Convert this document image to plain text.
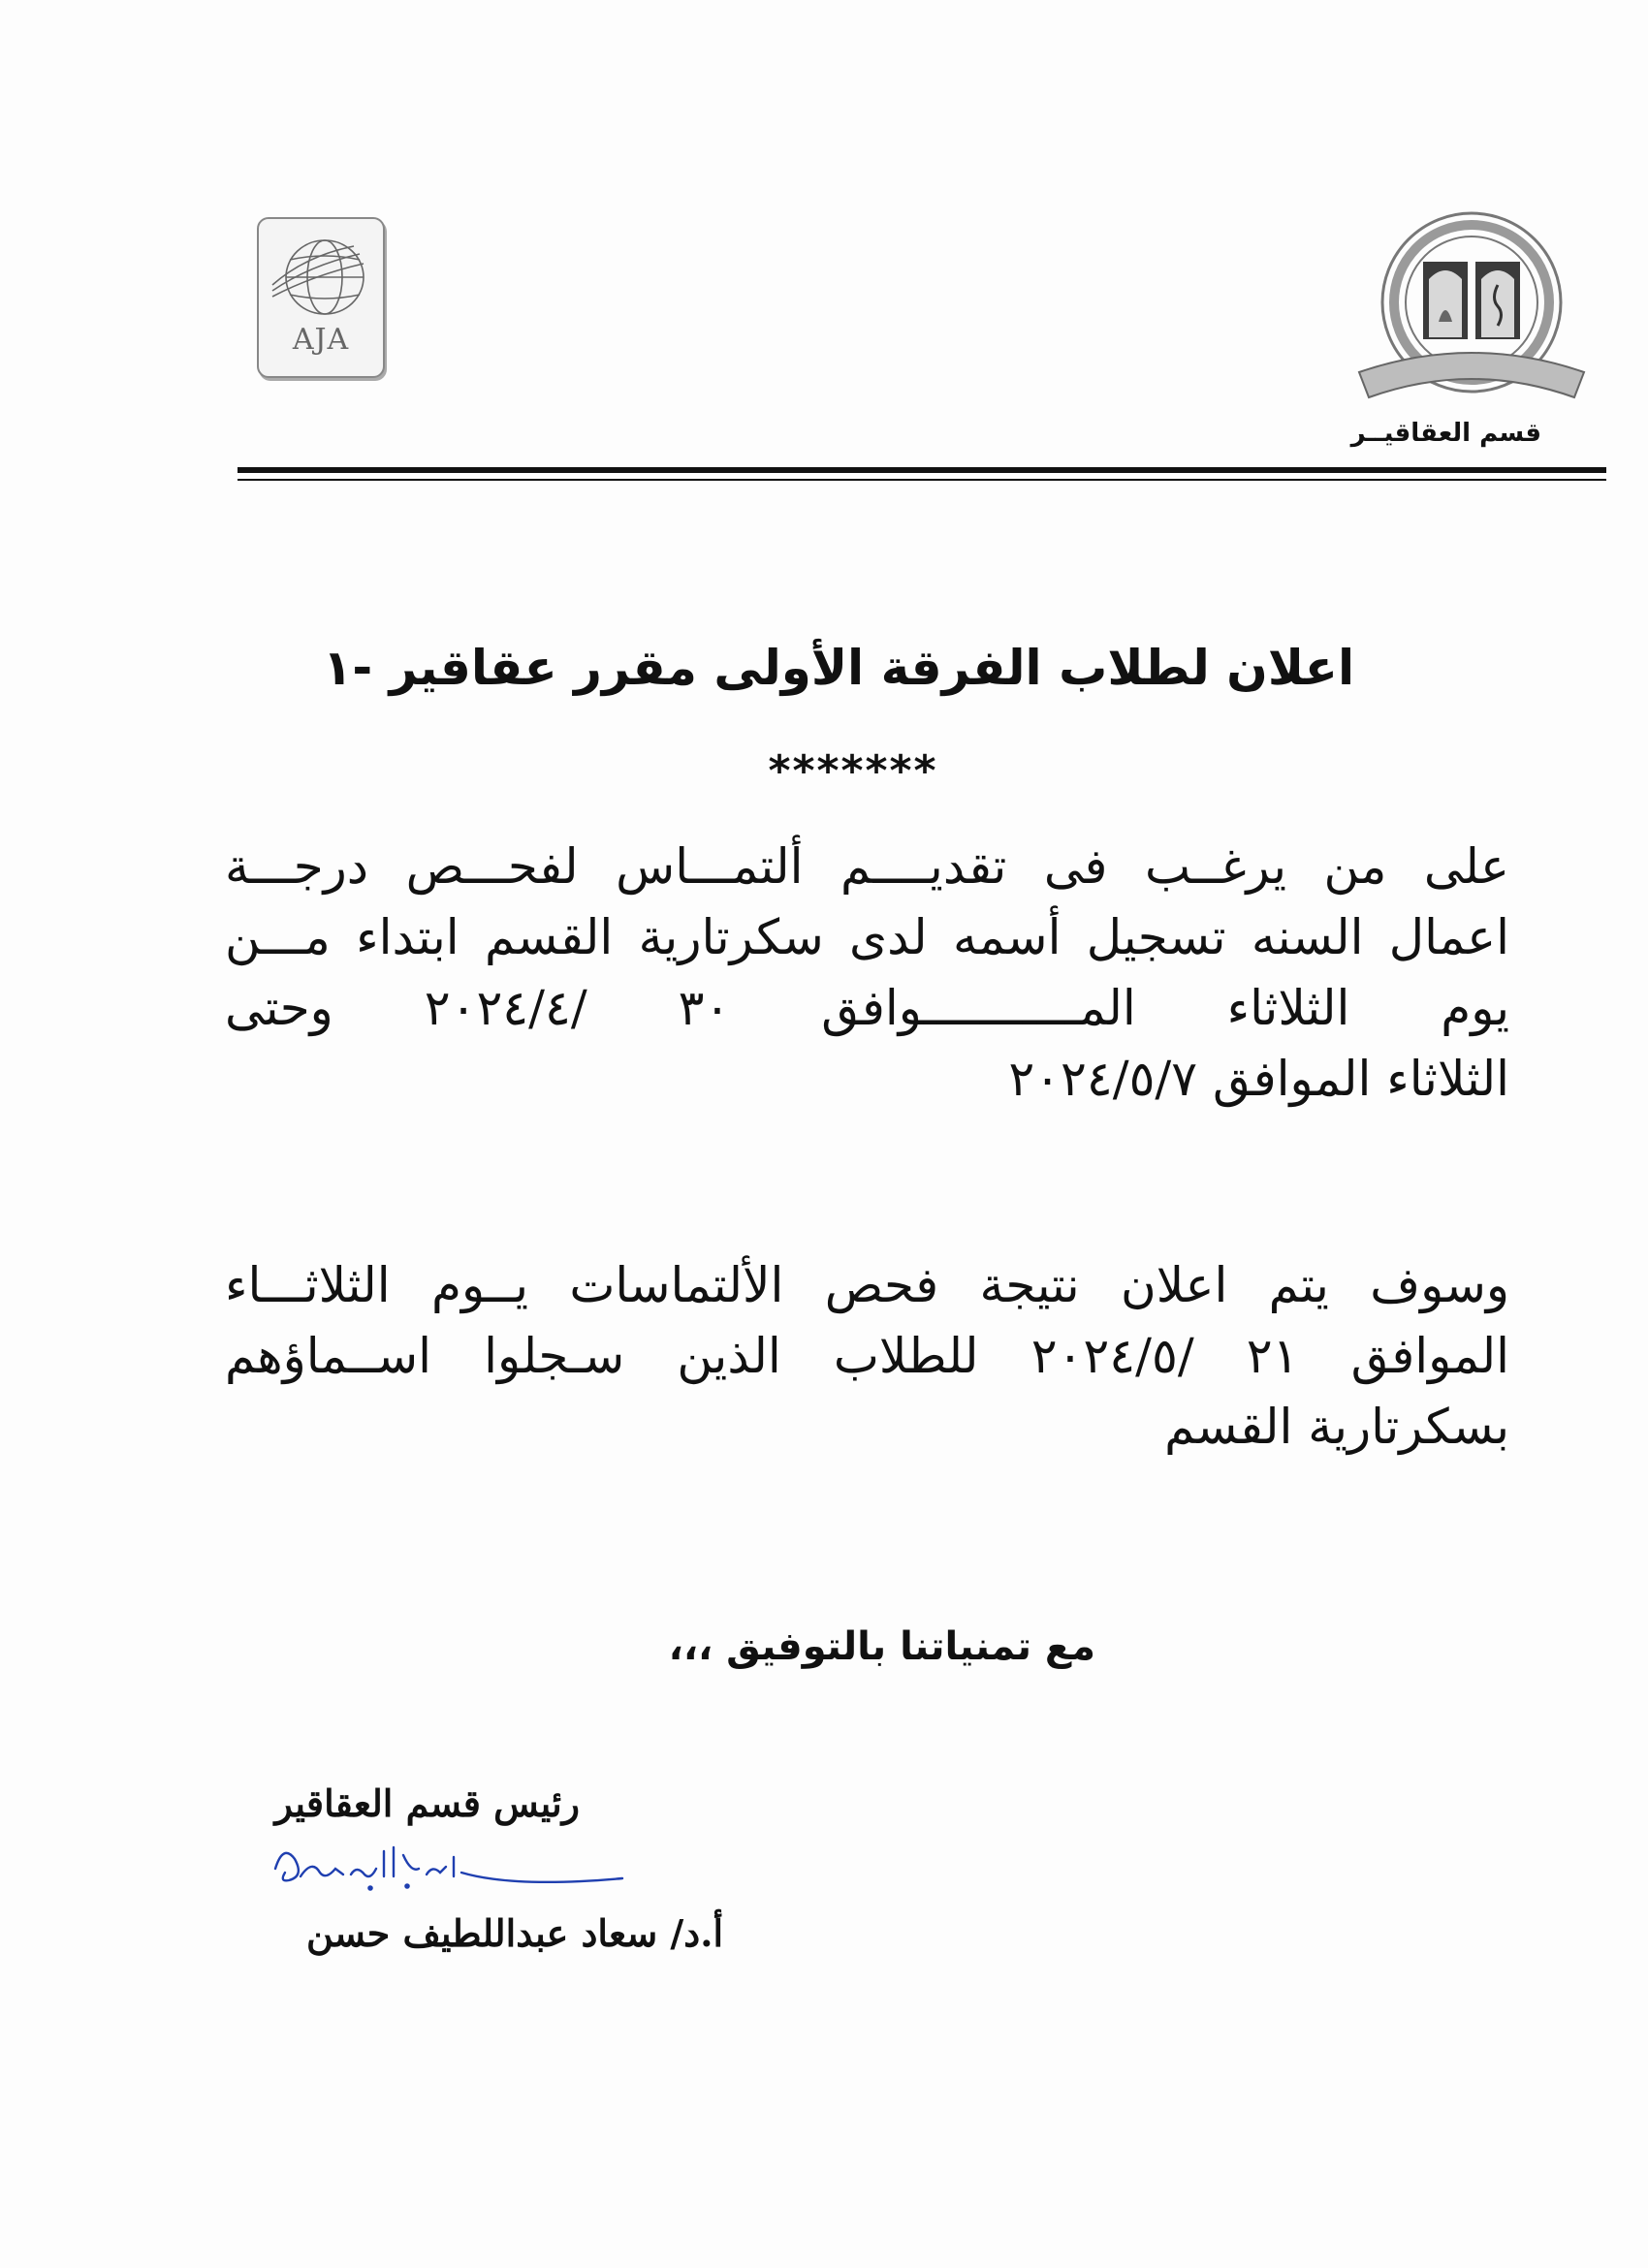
AJA
قسم العقاقيــر
اعلان لطلاب الفرقة الأولى مقرر عقاقير -١
*******
على من يرغــب فى تقديــــم ألتمـــاس لفحـــص درجـــة
اعمال السنه تسجيل أسمه لدى سكرتارية القسم ابتداء مـــن
يوم الثلاثاء المـــــــــــوافق ٣٠ /٢٠٢٤/٤ وحتى
الثلاثاء الموافق ٢٠٢٤/٥/٧
وسوف يتم اعلان نتيجة فحص الألتماسات يــوم الثلاثـــاء
الموافق ٢١ /٢٠٢٤/٥ للطلاب الذين سـجلوا اســماؤهم
بسكرتارية القسم
مع تمنياتنا بالتوفيق ،،،
رئيس قسم العقاقير
أ.د/ سعاد عبداللطيف حسن
